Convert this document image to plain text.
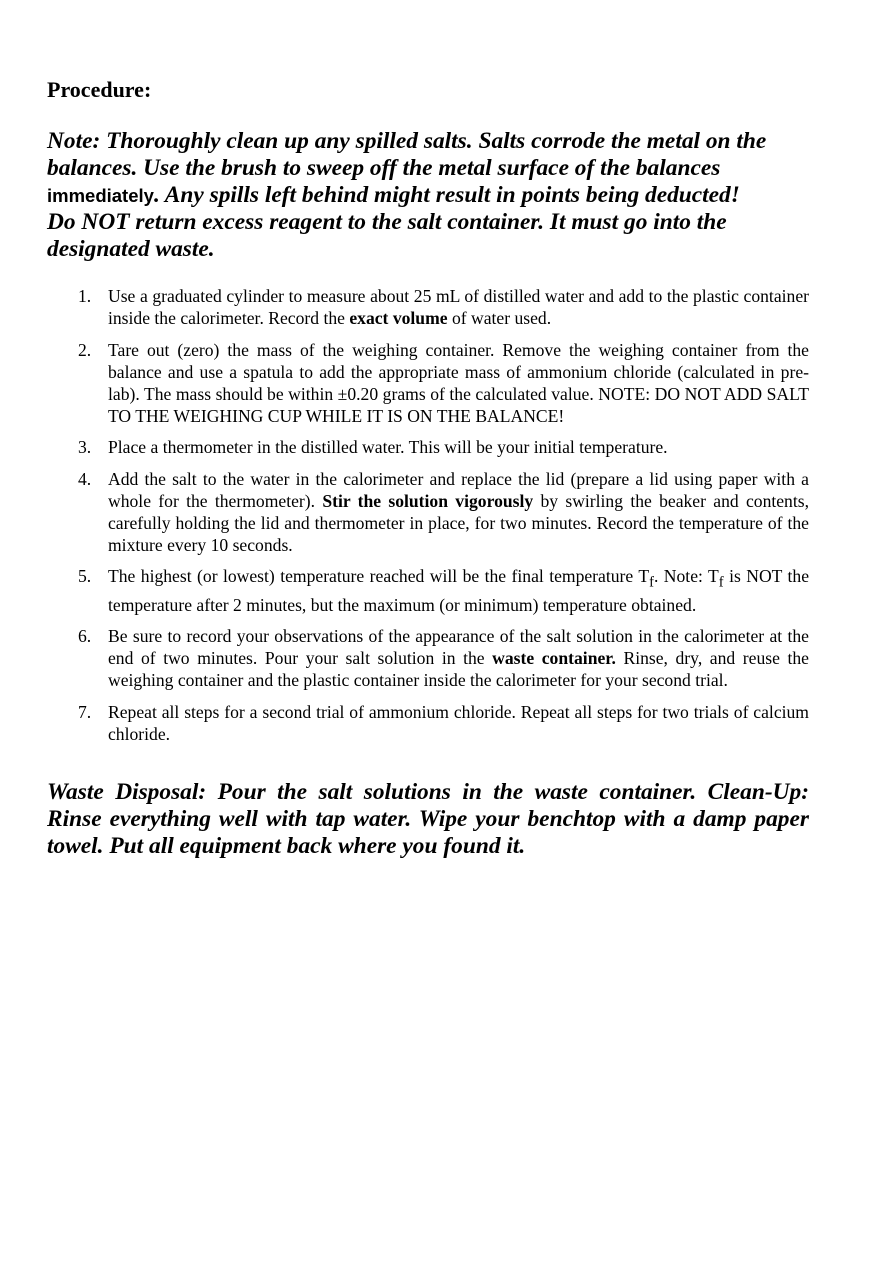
Procedure:

Note: Thoroughly clean up any spilled salts. Salts corrode the metal on the balances. Use the brush to sweep off the metal surface of the balances immediately. Any spills left behind might result in points being deducted!
Do NOT return excess reagent to the salt container. It must go into the designated waste.

1. Use a graduated cylinder to measure about 25 mL of distilled water and add to the plastic container inside the calorimeter. Record the exact volume of water used.
2. Tare out (zero) the mass of the weighing container. Remove the weighing container from the balance and use a spatula to add the appropriate mass of ammonium chloride (calculated in pre-lab). The mass should be within ±0.20 grams of the calculated value. NOTE: DO NOT ADD SALT TO THE WEIGHING CUP WHILE IT IS ON THE BALANCE!
3. Place a thermometer in the distilled water. This will be your initial temperature.
4. Add the salt to the water in the calorimeter and replace the lid (prepare a lid using paper with a whole for the thermometer). Stir the solution vigorously by swirling the beaker and contents, carefully holding the lid and thermometer in place, for two minutes. Record the temperature of the mixture every 10 seconds.
5. The highest (or lowest) temperature reached will be the final temperature $T_f$. Note: $T_f$ is NOT the temperature after 2 minutes, but the maximum (or minimum) temperature obtained.
6. Be sure to record your observations of the appearance of the salt solution in the calorimeter at the end of two minutes. Pour your salt solution in the waste container. Rinse, dry, and reuse the weighing container and the plastic container inside the calorimeter for your second trial.
7. Repeat all steps for a second trial of ammonium chloride. Repeat all steps for two trials of calcium chloride.

Waste Disposal: Pour the salt solutions in the waste container. Clean-Up: Rinse everything well with tap water. Wipe your benchtop with a damp paper towel. Put all equipment back where you found it.
